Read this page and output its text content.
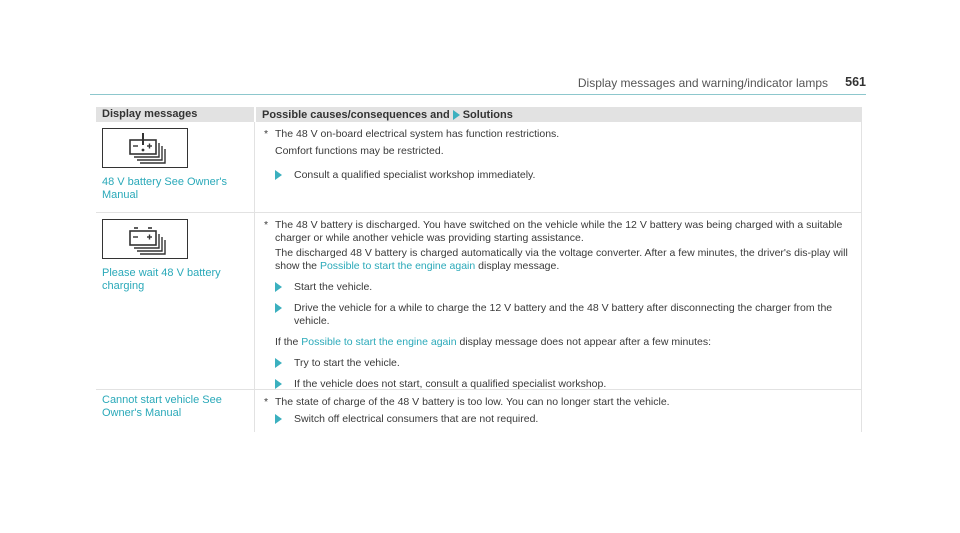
Display messages and warning/indicator lamps 561
Display messages	Possible causes/consequences and Solutions
48 V battery See Owner's Manual
* The 48 V on-board electrical system has function restrictions.
Comfort functions may be restricted.
Consult a qualified specialist workshop immediately.
Please wait 48 V battery charging
* The 48 V battery is discharged. You have switched on the vehicle while the 12 V battery was being charged with a suitable charger or while another vehicle was providing starting assistance.
The discharged 48 V battery is charged automatically via the voltage converter. After a few minutes, the driver's dis-play will show the Possible to start the engine again display message.
Start the vehicle.
Drive the vehicle for a while to charge the 12 V battery and the 48 V battery after disconnecting the charger from the vehicle.
If the Possible to start the engine again display message does not appear after a few minutes:
Try to start the vehicle.
If the vehicle does not start, consult a qualified specialist workshop.
Cannot start vehicle See Owner's Manual
* The state of charge of the 48 V battery is too low. You can no longer start the vehicle.
Switch off electrical consumers that are not required.
